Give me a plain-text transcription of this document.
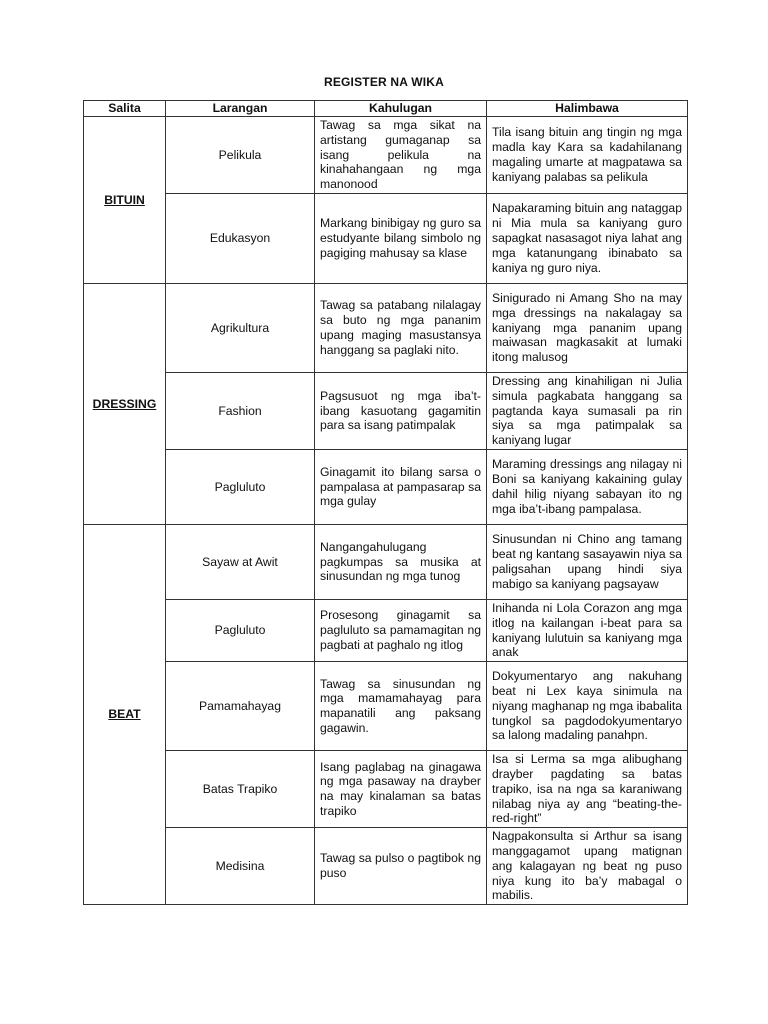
REGISTER NA WIKA
Salita	Larangan	Kahulugan	Halimbawa
BITUIN	Pelikula	Tawag sa mga sikat na artistang gumaganap sa isang pelikula na kinahahangaan ng mga manonood	Tila isang bituin ang tingin ng mga madla kay Kara sa kadahilanang magaling umarte at magpatawa sa kaniyang palabas sa pelikula
	Edukasyon	Markang binibigay ng guro sa estudyante bilang simbolo ng pagiging mahusay sa klase	Napakaraming bituin ang nataggap ni Mia mula sa kaniyang guro sapagkat nasasagot niya lahat ang mga katanungang ibinabato sa kaniya ng guro niya.
DRESSING	Agrikultura	Tawag sa patabang nilalagay sa buto ng mga pananim upang maging masustansya hanggang sa paglaki nito.	Sinigurado ni Amang Sho na may mga dressings na nakalagay sa kaniyang mga pananim upang maiwasan magkasakit at lumaki itong malusog
	Fashion	Pagsusuot ng mga iba’t-ibang kasuotang gagamitin para sa isang patimpalak	Dressing ang kinahiligan ni Julia simula pagkabata hanggang sa pagtanda kaya sumasali pa rin siya sa mga patimpalak sa kaniyang lugar
	Pagluluto	Ginagamit ito bilang sarsa o pampalasa at pampasarap sa mga gulay	Maraming dressings ang nilagay ni Boni sa kaniyang kakaining gulay dahil hilig niyang sabayan ito ng mga iba’t-ibang pampalasa.
BEAT	Sayaw at Awit	Nangangahulugang pagkumpas sa musika at sinusundan ng mga tunog	Sinusundan ni Chino ang tamang beat ng kantang sasayawin niya sa paligsahan upang hindi siya mabigo sa kaniyang pagsayaw
	Pagluluto	Prosesong ginagamit sa pagluluto sa pamamagitan ng pagbati at paghalo ng itlog	Inihanda ni Lola Corazon ang mga itlog na kailangan i-beat para sa kaniyang lulutuin sa kaniyang mga anak
	Pamamahayag	Tawag sa sinusundan ng mga mamamahayag para mapanatili ang paksang gagawin.	Dokyumentaryo ang nakuhang beat ni Lex kaya sinimula na niyang maghanap ng mga ibabalita tungkol sa pagdodokyumentaryo sa lalong madaling panahpn.
	Batas Trapiko	Isang paglabag na ginagawa ng mga pasaway na drayber na may kinalaman sa batas trapiko	Isa si Lerma sa mga alibughang drayber pagdating sa batas trapiko, isa na nga sa karaniwang nilabag niya ay ang “beating-the-red-right”
	Medisina	Tawag sa pulso o pagtibok ng puso	Nagpakonsulta si Arthur sa isang manggagamot upang matignan ang kalagayan ng beat ng puso niya kung ito ba’y mabagal o mabilis.
